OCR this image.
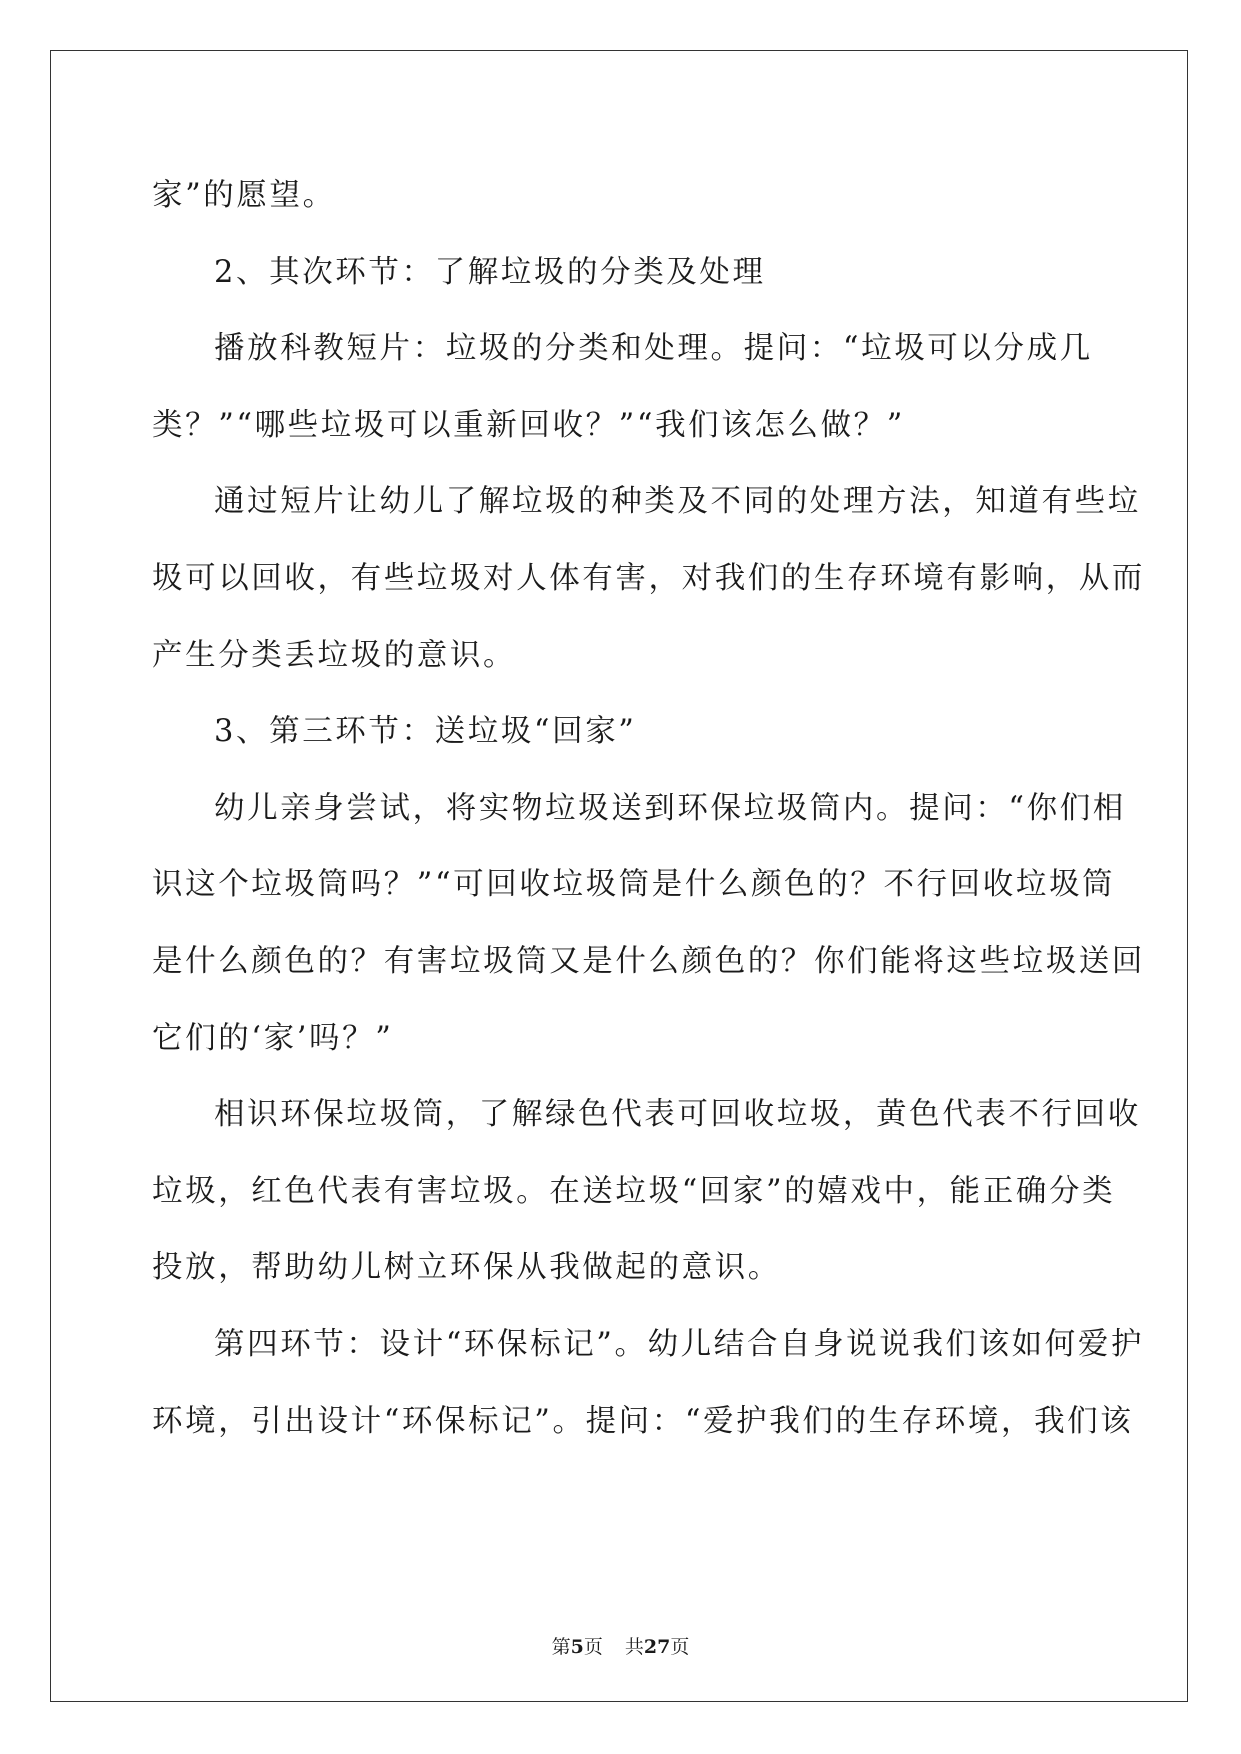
家”的愿望。

2、其次环节：了解垃圾的分类及处理

播放科教短片：垃圾的分类和处理。提问：“垃圾可以分成几

类？”“哪些垃圾可以重新回收？”“我们该怎么做？”

通过短片让幼儿了解垃圾的种类及不同的处理方法，知道有些垃

圾可以回收，有些垃圾对人体有害，对我们的生存环境有影响，从而

产生分类丢垃圾的意识。

3、第三环节：送垃圾“回家”

幼儿亲身尝试，将实物垃圾送到环保垃圾筒内。提问：“你们相

识这个垃圾筒吗？”“可回收垃圾筒是什么颜色的？不行回收垃圾筒

是什么颜色的？有害垃圾筒又是什么颜色的？你们能将这些垃圾送回

它们的‘家’吗？”

相识环保垃圾筒，了解绿色代表可回收垃圾，黄色代表不行回收

垃圾，红色代表有害垃圾。在送垃圾“回家”的嬉戏中，能正确分类

投放，帮助幼儿树立环保从我做起的意识。

第四环节：设计“环保标记”。幼儿结合自身说说我们该如何爱护

环境，引出设计“环保标记”。提问：“爱护我们的生存环境，我们该

第5页 共27页
